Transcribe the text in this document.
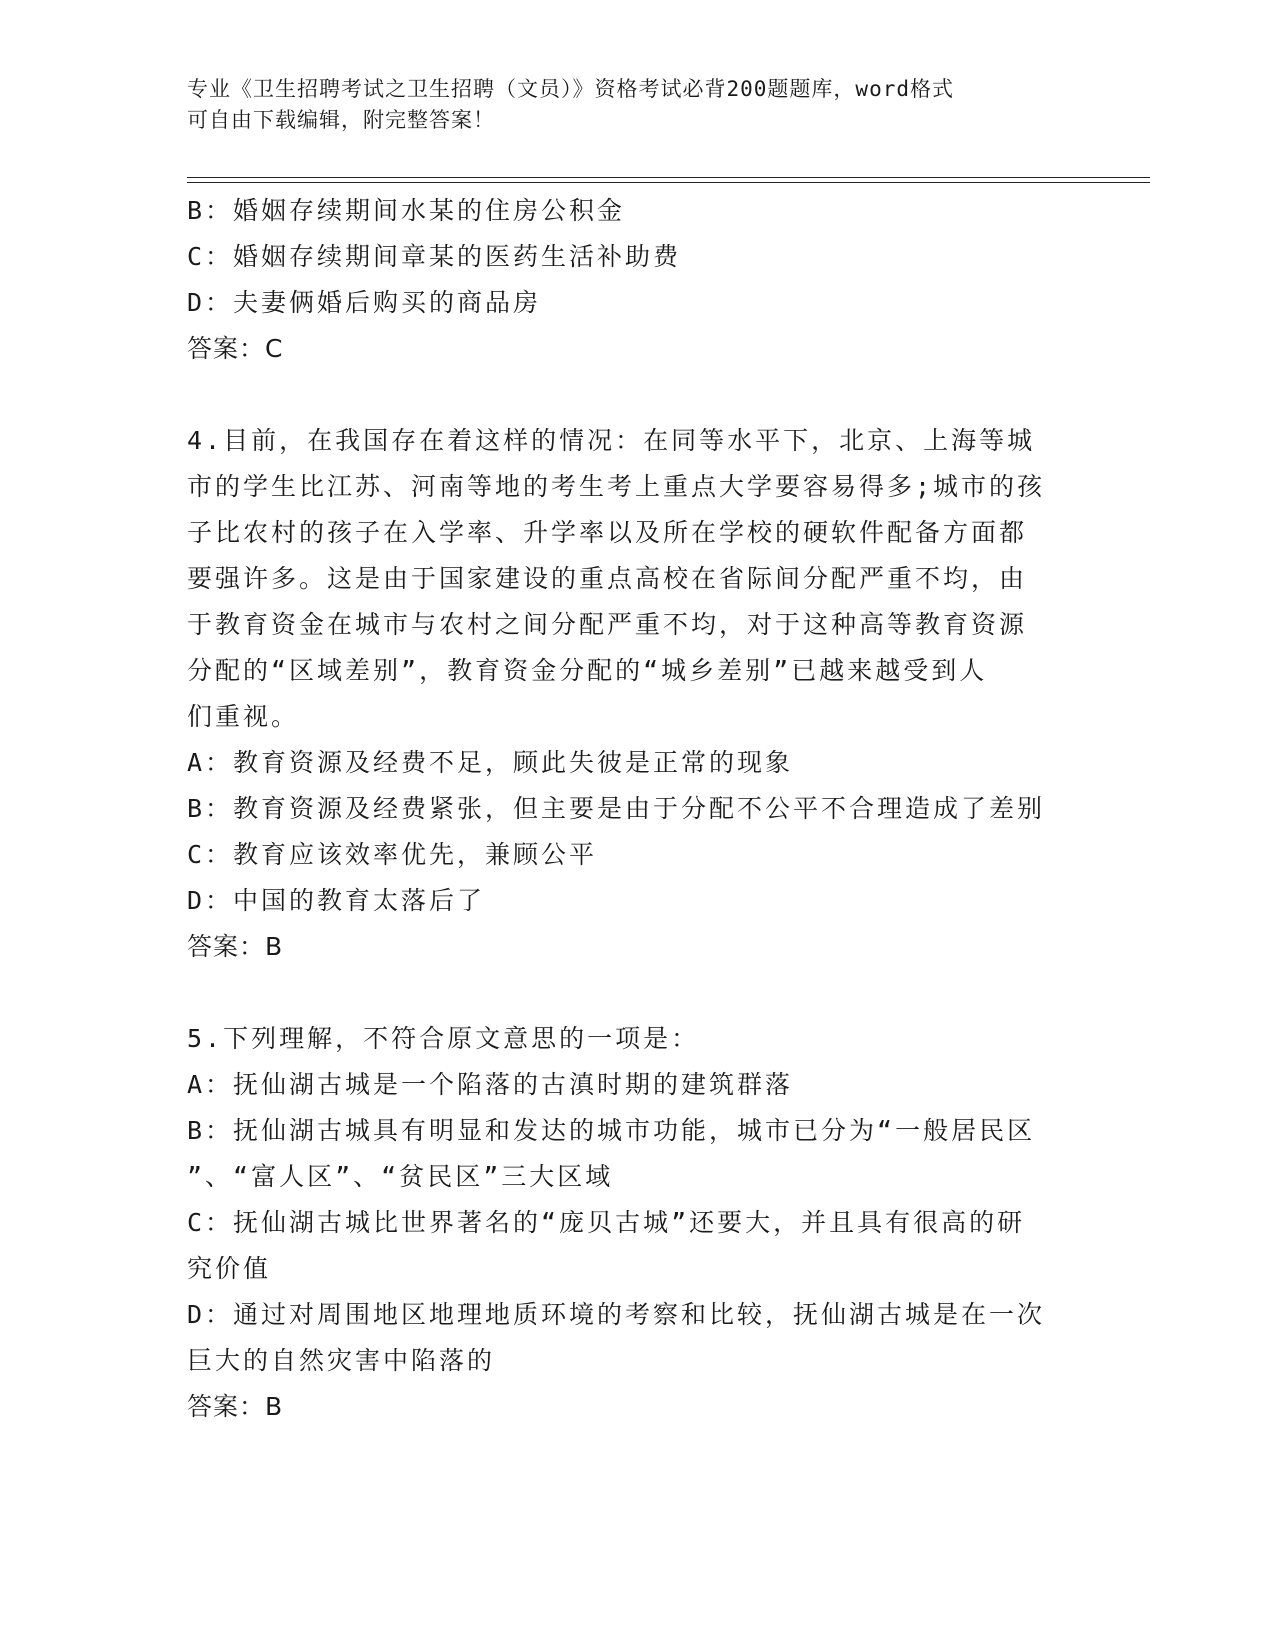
专业《卫生招聘考试之卫生招聘（文员）》资格考试必背200题题库，word格式
可自由下载编辑，附完整答案！
B：婚姻存续期间水某的住房公积金
C：婚姻存续期间章某的医药生活补助费
D：夫妻俩婚后购买的商品房
答案：C
4.目前，在我国存在着这样的情况：在同等水平下，北京、上海等城
市的学生比江苏、河南等地的考生考上重点大学要容易得多;城市的孩
子比农村的孩子在入学率、升学率以及所在学校的硬软件配备方面都
要强许多。这是由于国家建设的重点高校在省际间分配严重不均，由
于教育资金在城市与农村之间分配严重不均，对于这种高等教育资源
分配的“区域差别”，教育资金分配的“城乡差别”已越来越受到人
们重视。
A：教育资源及经费不足，顾此失彼是正常的现象
B：教育资源及经费紧张，但主要是由于分配不公平不合理造成了差别
C：教育应该效率优先，兼顾公平
D：中国的教育太落后了
答案：B
5.下列理解，不符合原文意思的一项是：
A：抚仙湖古城是一个陷落的古滇时期的建筑群落
B：抚仙湖古城具有明显和发达的城市功能，城市已分为“一般居民区
”、“富人区”、“贫民区”三大区域
C：抚仙湖古城比世界著名的“庞贝古城”还要大，并且具有很高的研
究价值
D：通过对周围地区地理地质环境的考察和比较，抚仙湖古城是在一次
巨大的自然灾害中陷落的
答案：B
